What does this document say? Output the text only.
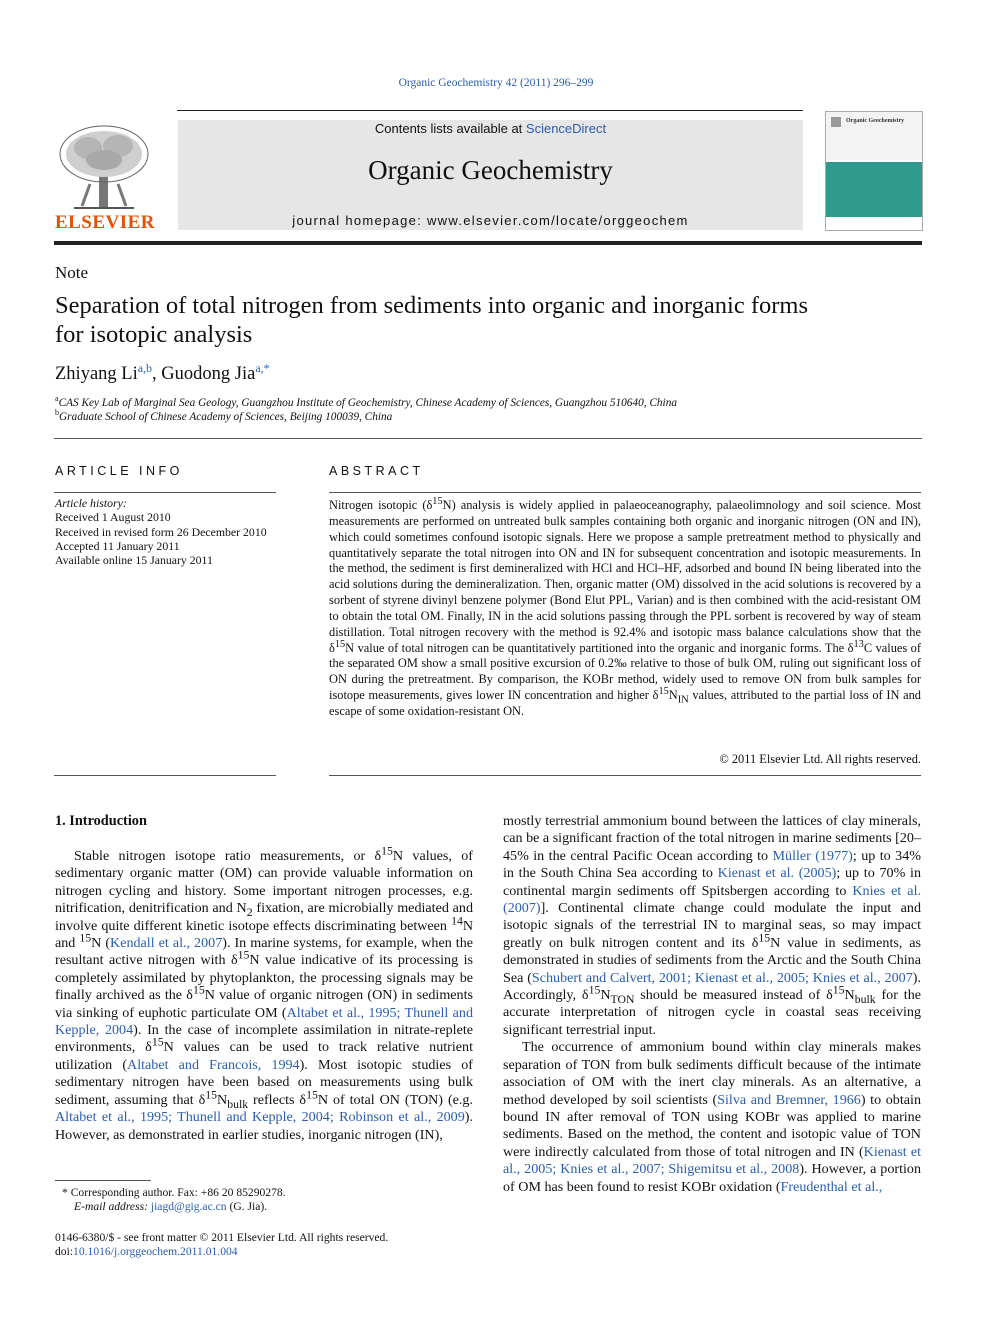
Organic Geochemistry 42 (2011) 296–299
ELSEVIER
Contents lists available at ScienceDirect
Organic Geochemistry
journal homepage: www.elsevier.com/locate/orggeochem
Organic Geochemistry
Note
Separation of total nitrogen from sediments into organic and inorganic forms
for isotopic analysis
Zhiyang Li$^{a,b}$, Guodong Jia$^{a,*}$
$^a$CAS Key Lab of Marginal Sea Geology, Guangzhou Institute of Geochemistry, Chinese Academy of Sciences, Guangzhou 510640, China
$^b$Graduate School of Chinese Academy of Sciences, Beijing 100039, China
ARTICLE INFO
Article history:
Received 1 August 2010
Received in revised form 26 December 2010
Accepted 11 January 2011
Available online 15 January 2011
ABSTRACT

Nitrogen isotopic $(\delta^{15}N)$ analysis is widely applied in palaeoceanography, palaeolimnology and soil science. Most measurements are performed on untreated bulk samples containing both organic and inorganic nitrogen (ON and IN), which could sometimes confound isotopic signals. Here we propose a sample pretreatment method to physically and quantitatively separate the total nitrogen into ON and IN for subsequent concentration and isotopic measurements. In the method, the sediment is first demineralized with HCl and HCl–HF, adsorbed and bound IN being liberated into the acid solutions during the demineralization. Then, organic matter (OM) dissolved in the acid solutions is recovered by a sorbent of styrene divinyl benzene polymer (Bond Elut PPL, Varian) and is then combined with the acid-resistant OM to obtain the total OM. Finally, IN in the acid solutions passing through the PPL sorbent is recovered by way of steam distillation. Total nitrogen recovery with the method is 92.4% and isotopic mass balance calculations show that the $\delta^{15}N$ value of total nitrogen can be quantitatively partitioned into the organic and inorganic forms. The $\delta^{13}C$ values of the separated OM show a small positive excursion of 0.2‰ relative to those of bulk OM, ruling out significant loss of ON during the pretreatment. By comparison, the KOBr method, widely used to remove ON from bulk samples for isotope measurements, gives lower IN concentration and higher $\delta^{15}N_{IN}$ values, attributed to the partial loss of IN and escape of some oxidation-resistant ON.

© 2011 Elsevier Ltd. All rights reserved.
1. Introduction

Stable nitrogen isotope ratio measurements, or $\delta^{15}N$ values, of sedimentary organic matter (OM) can provide valuable information on nitrogen cycling and history. Some important nitrogen processes, e.g. nitrification, denitrification and $N_2$ fixation, are microbially mediated and involve quite different kinetic isotope effects discriminating between $^{14}$N and $^{15}$N (Kendall et al., 2007). In marine systems, for example, when the resultant active nitrogen with $\delta^{15}N$ value indicative of its processing is completely assimilated by phytoplankton, the processing signals may be finally archived as the $\delta^{15}N$ value of organic nitrogen (ON) in sediments via sinking of euphotic particulate OM (Altabet et al., 1995; Thunell and Kepple, 2004). In the case of incomplete assimilation in nitrate-replete environments, $\delta^{15}N$ values can be used to track relative nutrient utilization (Altabet and Francois, 1994). Most isotopic studies of sedimentary nitrogen have been based on measurements using bulk sediment, assuming that $\delta^{15}N_{bulk}$ reflects $\delta^{15}N$ of total ON (TON) (e.g. Altabet et al., 1995; Thunell and Kepple, 2004; Robinson et al., 2009). However, as demonstrated in earlier studies, inorganic nitrogen (IN),

mostly terrestrial ammonium bound between the lattices of clay minerals, can be a significant fraction of the total nitrogen in marine sediments [20–45% in the central Pacific Ocean according to Müller (1977); up to 34% in the South China Sea according to Kienast et al. (2005); up to 70% in continental margin sediments off Spitsbergen according to Knies et al. (2007)]. Continental climate change could modulate the input and isotopic signals of the terrestrial IN to marginal seas, so may impact greatly on bulk nitrogen content and its $\delta^{15}N$ value in sediments, as demonstrated in studies of sediments from the Arctic and the South China Sea (Schubert and Calvert, 2001; Kienast et al., 2005; Knies et al., 2007). Accordingly, $\delta^{15}N_{TON}$ should be measured instead of $\delta^{15}N_{bulk}$ for the accurate interpretation of nitrogen cycle in coastal seas receiving significant terrestrial input.

The occurrence of ammonium bound within clay minerals makes separation of TON from bulk sediments difficult because of the intimate association of OM with the inert clay minerals. As an alternative, a method developed by soil scientists (Silva and Bremner, 1966) to obtain bound IN after removal of TON using KOBr was applied to marine sediments. Based on the method, the content and isotopic value of TON were indirectly calculated from those of total nitrogen and IN (Kienast et al., 2005; Knies et al., 2007; Shigemitsu et al., 2008). However, a portion of OM has been found to resist KOBr oxidation (Freudenthal et al.,

* Corresponding author. Fax: +86 20 85290278.
E-mail address: jiagd@gig.ac.cn (G. Jia).
0146-6380/$ - see front matter © 2011 Elsevier Ltd. All rights reserved.
doi:10.1016/j.orggeochem.2011.01.004
